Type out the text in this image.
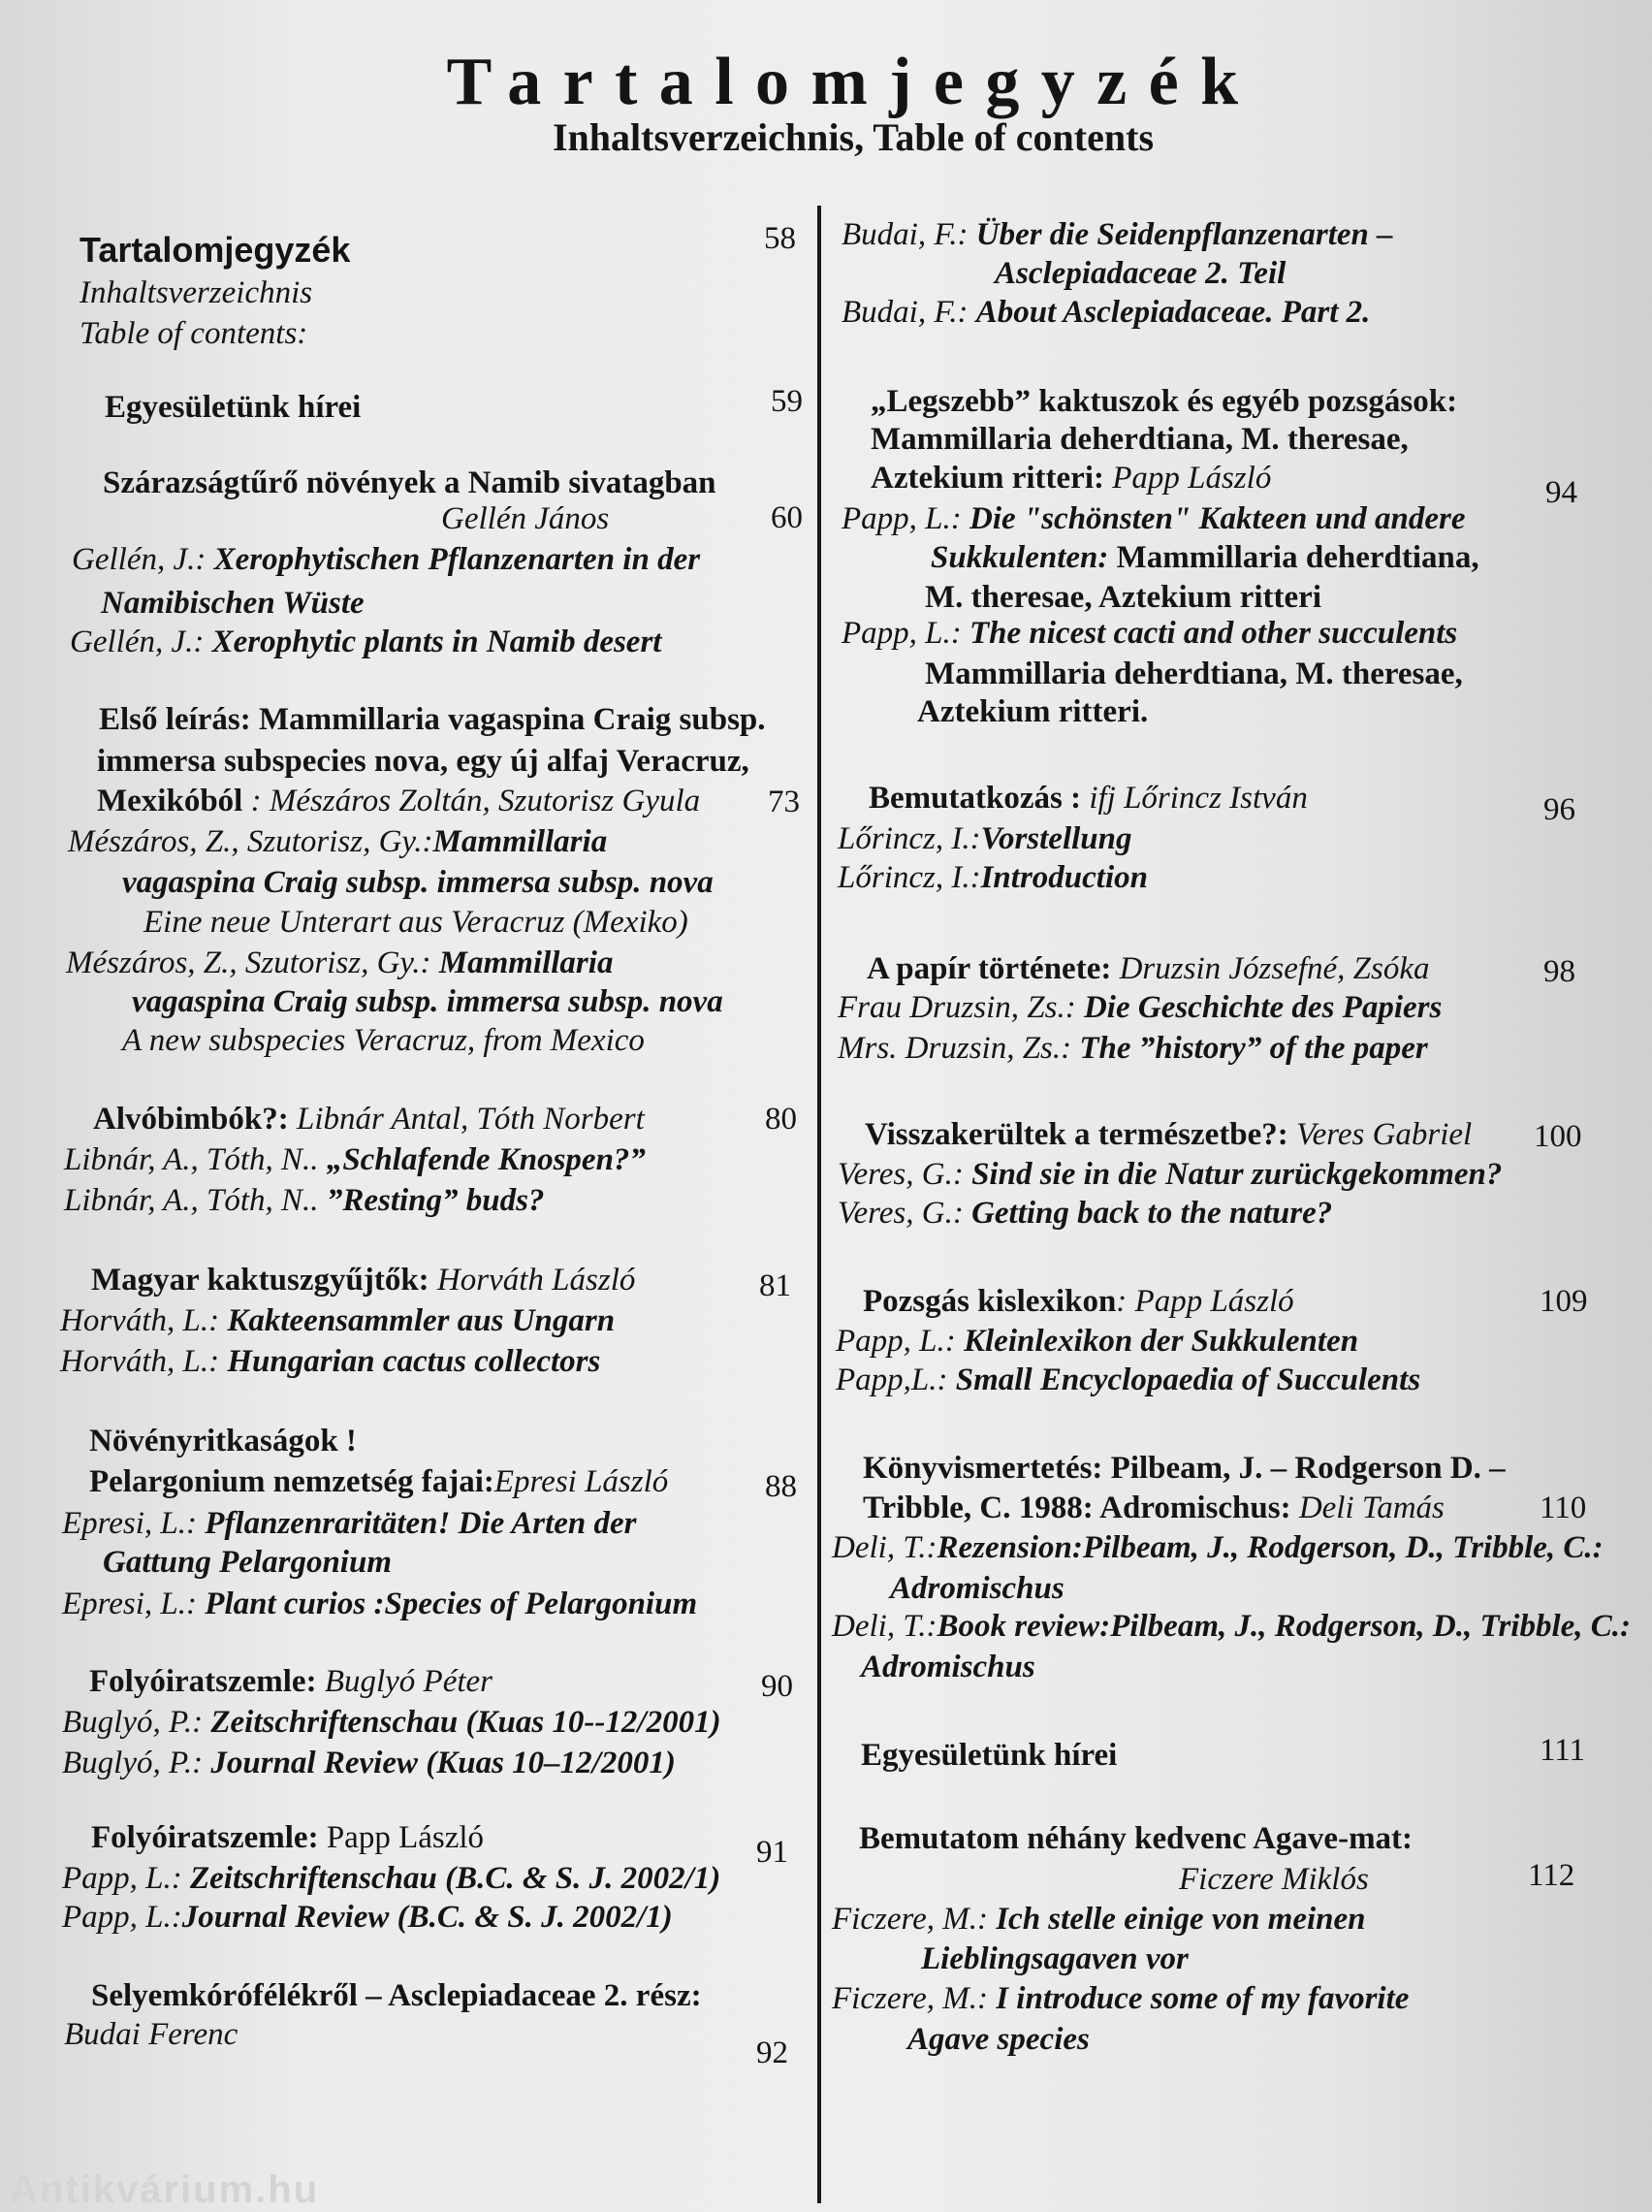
Tartalomjegyzék
Inhaltsverzeichnis, Table of contents
Tartalomjegyzék
Inhaltsverzeichnis
Table of contents:
58
Egyesületünk hírei	59
Szárazságtűrő növények a Namib sivatagban
Gellén János
Gellén, J.: Xerophytischen Pflanzenarten in der
Namibischen Wüste
Gellén, J.: Xerophytic plants in Namib desert
60
Első leírás: Mammillaria vagaspina Craig subsp.
immersa subspecies nova, egy új alfaj Veracruz,
Mexikóból : Mészáros Zoltán, Szutorisz Gyula
Mészáros, Z., Szutorisz, Gy.:Mammillaria
vagaspina Craig subsp. immersa subsp. nova
Eine neue Unterart aus Veracruz (Mexiko)
Mészáros, Z., Szutorisz, Gy.: Mammillaria
vagaspina Craig subsp. immersa subsp. nova
A new subspecies Veracruz, from Mexico
73
Alvóbimbók?: Libnár Antal, Tóth Norbert
Libnár, A., Tóth, N.. „Schlafende Knospen?”
Libnár, A., Tóth, N.. ”Resting” buds?
80
Magyar kaktuszgyűjtők: Horváth László
Horváth, L.: Kakteensammler aus Ungarn
Horváth, L.: Hungarian cactus collectors
81
Növényritkaságok !
Pelargonium nemzetség fajai:Epresi László
Epresi, L.: Pflanzenraritäten! Die Arten der
Gattung Pelargonium
Epresi, L.: Plant curios :Species of Pelargonium
88
Folyóiratszemle: Buglyó Péter
Buglyó, P.: Zeitschriftenschau (Kuas 10--12/2001)
Buglyó, P.: Journal Review (Kuas 10–12/2001)
90
Folyóiratszemle: Papp László
Papp, L.: Zeitschriftenschau (B.C. & S. J. 2002/1)
Papp, L.:Journal Review (B.C. & S. J. 2002/1)
91
Selyemkórófélékről – Asclepiadaceae 2. rész:
Budai Ferenc
92
Budai, F.: Über die Seidenpflanzenarten –
Asclepiadaceae 2. Teil
Budai, F.: About Asclepiadaceae. Part 2.
„Legszebb” kaktuszok és egyéb pozsgások:
Mammillaria deherdtiana, M. theresae,
Aztekium ritteri: Papp László
Papp, L.: Die "schönsten" Kakteen und andere
Sukkulenten: Mammillaria deherdtiana,
M. theresae, Aztekium ritteri
Papp, L.: The nicest cacti and other succulents
Mammillaria deherdtiana, M. theresae,
Aztekium ritteri.
94
Bemutatkozás : ifj Lőrincz István
Lőrincz, I.:Vorstellung
Lőrincz, I.:Introduction
96
A papír története: Druzsin Józsefné, Zsóka
Frau Druzsin, Zs.: Die Geschichte des Papiers
Mrs. Druzsin, Zs.: The ”history” of the paper
98
Visszakerültek a természetbe?: Veres Gabriel
Veres, G.: Sind sie in die Natur zurückgekommen?
Veres, G.: Getting back to the nature?
100
Pozsgás kislexikon: Papp László
Papp, L.: Kleinlexikon der Sukkulenten
Papp,L.: Small Encyclopaedia of Succulents
109
Könyvismertetés: Pilbeam, J. – Rodgerson D. –
Tribble, C. 1988: Adromischus: Deli Tamás
Deli, T.:Rezension:Pilbeam, J., Rodgerson, D., Tribble, C.:
Adromischus
Deli, T.:Book review:Pilbeam, J., Rodgerson, D., Tribble, C.:
Adromischus
110
Egyesületünk hírei	111
Bemutatom néhány kedvenc Agave-mat:
Ficzere Miklós
Ficzere, M.: Ich stelle einige von meinen
Lieblingsagaven vor
Ficzere, M.: I introduce some of my favorite
Agave species
112
Antikvárium.hu
